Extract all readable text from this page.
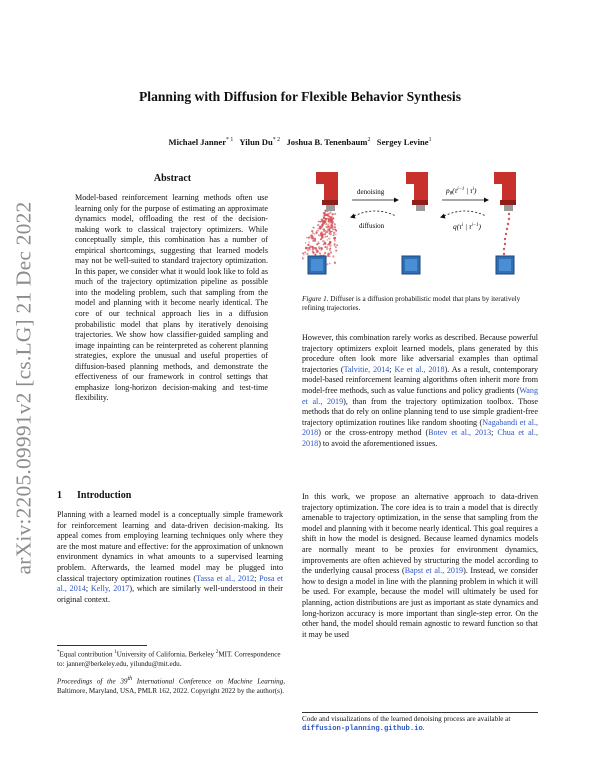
arXiv:2205.09991v2 [cs.LG] 21 Dec 2022
Planning with Diffusion for Flexible Behavior Synthesis
Michael Janner$^{* 1}$ Yilun Du$^{* 2}$ Joshua B. Tenenbaum$^2$ Sergey Levine$^1$
Abstract
Model-based reinforcement learning methods often use learning only for the purpose of estimating an approximate dynamics model, offloading the rest of the decision-making work to classical trajectory optimizers. While conceptually simple, this combination has a number of empirical shortcomings, suggesting that learned models may not be well-suited to standard trajectory optimization. In this paper, we consider what it would look like to fold as much of the trajectory optimization pipeline as possible into the modeling problem, such that sampling from the model and planning with it become nearly identical. The core of our technical approach lies in a diffusion probabilistic model that plans by iteratively denoising trajectories. We show how classifier-guided sampling and image inpainting can be reinterpreted as coherent planning strategies, explore the unusual and useful properties of diffusion-based planning methods, and demonstrate the effectiveness of our framework in control settings that emphasize long-horizon decision-making and test-time flexibility.
1 Introduction
Planning with a learned model is a conceptually simple framework for reinforcement learning and data-driven decision-making. Its appeal comes from employing learning techniques only where they are the most mature and effective: for the approximation of unknown environment dynamics in what amounts to a supervised learning problem. Afterwards, the learned model may be plugged into classical trajectory optimization routines (Tassa et al., 2012; Posa et al., 2014; Kelly, 2017), which are similarly well-understood in their original context.
*Equal contribution $^1$University of California, Berkeley $^2$MIT. Correspondence to: janner@berkeley.edu, yilundu@mit.edu.
Proceedings of the 39th International Conference on Machine Learning, Baltimore, Maryland, USA, PMLR 162, 2022. Copyright 2022 by the author(s).
denoising
diffusion
$p_\theta(\tau^{i-1}$ | $\tau^i$)
$q(\tau^i$ | $\tau^{i-1}$)
Figure 1. Diffuser is a diffusion probabilistic model that plans by iteratively refining trajectories.
However, this combination rarely works as described. Because powerful trajectory optimizers exploit learned models, plans generated by this procedure often look more like adversarial examples than optimal trajectories (Talvitie, 2014; Ke et al., 2018). As a result, contemporary model-based reinforcement learning algorithms often inherit more from model-free methods, such as value functions and policy gradients (Wang et al., 2019), than from the trajectory optimization toolbox. Those methods that do rely on online planning tend to use simple gradient-free trajectory optimization routines like random shooting (Nagabandi et al., 2018) or the cross-entropy method (Botev et al., 2013; Chua et al., 2018) to avoid the aforementioned issues.
In this work, we propose an alternative approach to data-driven trajectory optimization. The core idea is to train a model that is directly amenable to trajectory optimization, in the sense that sampling from the model and planning with it become nearly identical. This goal requires a shift in how the model is designed. Because learned dynamics models are normally meant to be proxies for environment dynamics, improvements are often achieved by structuring the model according to the underlying causal process (Bapst et al., 2019). Instead, we consider how to design a model in line with the planning problem in which it will be used. For example, because the model will ultimately be used for planning, action distributions are just as important as state dynamics and long-horizon accuracy is more important than single-step error. On the other hand, the model should remain agnostic to reward function so that it may be used
Code and visualizations of the learned denoising process are available at diffusion-planning.github.io.
